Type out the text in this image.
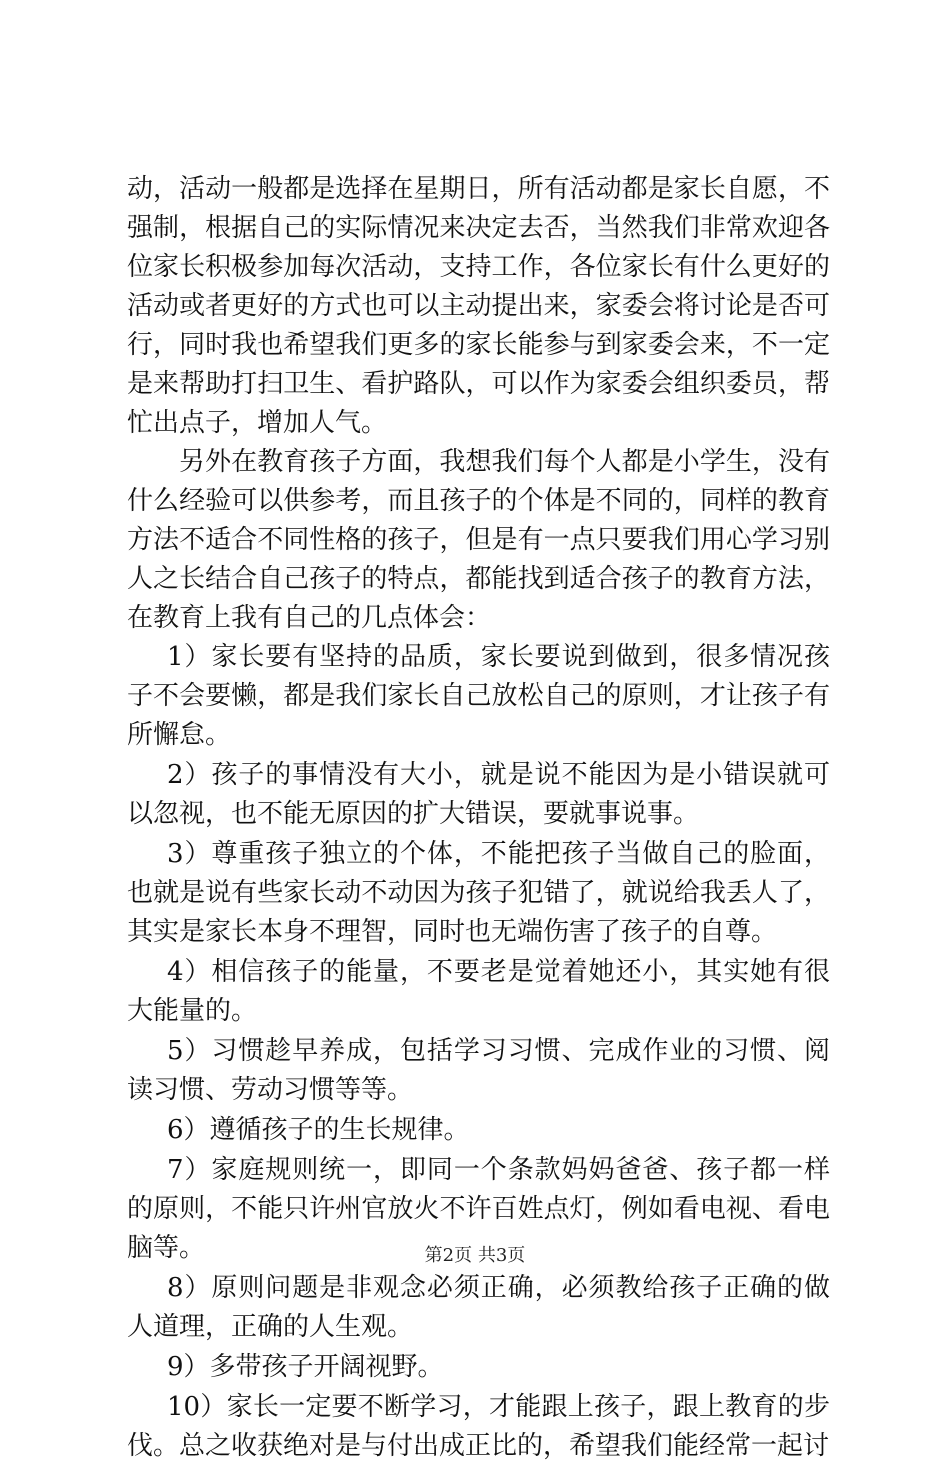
动，活动一般都是选择在星期日，所有活动都是家长自愿，不强制，根据自己的实际情况来决定去否，当然我们非常欢迎各位家长积极参加每次活动，支持工作，各位家长有什么更好的活动或者更好的方式也可以主动提出来，家委会将讨论是否可行，同时我也希望我们更多的家长能参与到家委会来，不一定是来帮助打扫卫生、看护路队，可以作为家委会组织委员，帮忙出点子，增加人气。

另外在教育孩子方面，我想我们每个人都是小学生，没有什么经验可以供参考，而且孩子的个体是不同的，同样的教育方法不适合不同性格的孩子，但是有一点只要我们用心学习别人之长结合自己孩子的特点，都能找到适合孩子的教育方法，在教育上我有自己的几点体会：

1）家长要有坚持的品质，家长要说到做到，很多情况孩子不会要懒，都是我们家长自己放松自己的原则，才让孩子有所懈怠。

2）孩子的事情没有大小，就是说不能因为是小错误就可以忽视，也不能无原因的扩大错误，要就事说事。

3）尊重孩子独立的个体，不能把孩子当做自己的脸面，也就是说有些家长动不动因为孩子犯错了，就说给我丢人了，其实是家长本身不理智，同时也无端伤害了孩子的自尊。

4）相信孩子的能量，不要老是觉着她还小，其实她有很大能量的。

5）习惯趁早养成，包括学习习惯、完成作业的习惯、阅读习惯、劳动习惯等等。

6）遵循孩子的生长规律。

7）家庭规则统一，即同一个条款妈妈爸爸、孩子都一样的原则，不能只许州官放火不许百姓点灯，例如看电视、看电脑等。

8）原则问题是非观念必须正确，必须教给孩子正确的做人道理，正确的人生观。

9）多带孩子开阔视野。

10）家长一定要不断学习，才能跟上孩子，跟上教育的步伐。总之收获绝对是与付出成正比的，希望我们能经常一起讨

第2页 共3页
